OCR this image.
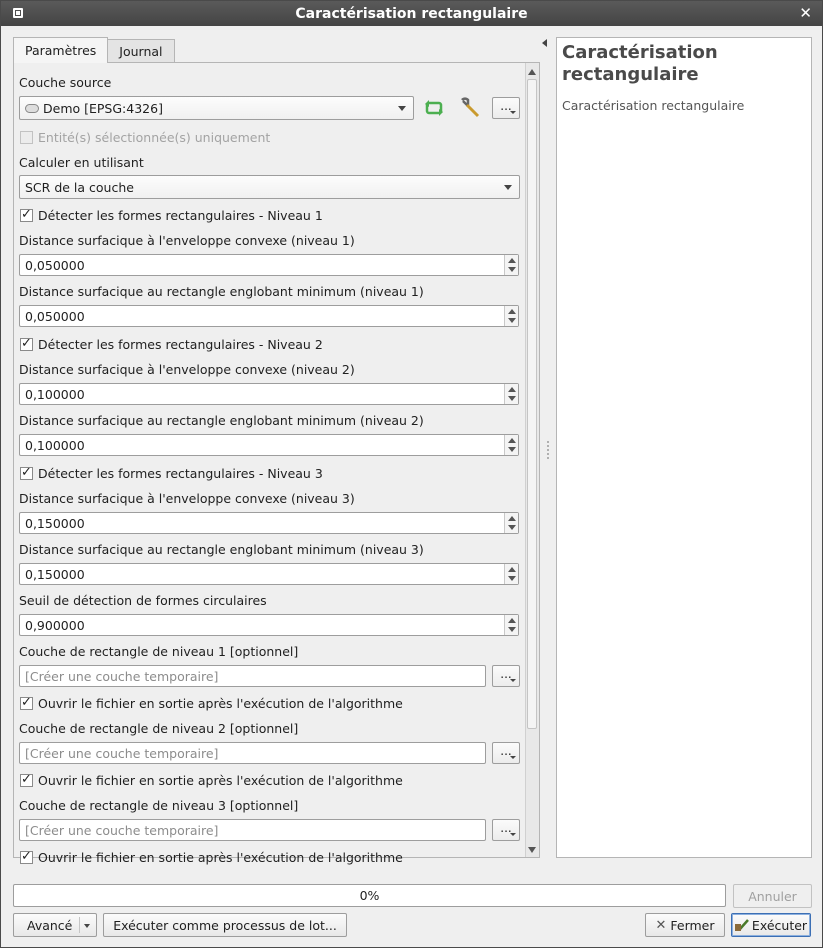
Caractérisation rectangulaire	✕
Paramètres	Journal
Couche source
Demo [EPSG:4326]	...
Entité(s) sélectionnée(s) uniquement
Calculer en utilisant
SCR de la couche
✓
Détecter les formes rectangulaires - Niveau 1
Distance surfacique à l'enveloppe convexe (niveau 1)
0,050000
Distance surfacique au rectangle englobant minimum (niveau 1)
0,050000
✓
Détecter les formes rectangulaires - Niveau 2
Distance surfacique à l'enveloppe convexe (niveau 2)
0,100000
Distance surfacique au rectangle englobant minimum (niveau 2)
0,100000
✓
Détecter les formes rectangulaires - Niveau 3
Distance surfacique à l'enveloppe convexe (niveau 3)
0,150000
Distance surfacique au rectangle englobant minimum (niveau 3)
0,150000
Seuil de détection de formes circulaires
0,900000
Couche de rectangle de niveau 1 [optionnel]
[Créer une couche temporaire]	...
✓
Ouvrir le fichier en sortie après l'exécution de l'algorithme
Couche de rectangle de niveau 2 [optionnel]
[Créer une couche temporaire]	...
✓
Ouvrir le fichier en sortie après l'exécution de l'algorithme
Couche de rectangle de niveau 3 [optionnel]
[Créer une couche temporaire]	...
✓
Ouvrir le fichier en sortie après l'exécution de l'algorithme
Caractérisation rectangulaire

Caractérisation rectangulaire

0%	Annuler
Avancé	Exécuter comme processus de lot...	✕ Fermer	Exécuter
